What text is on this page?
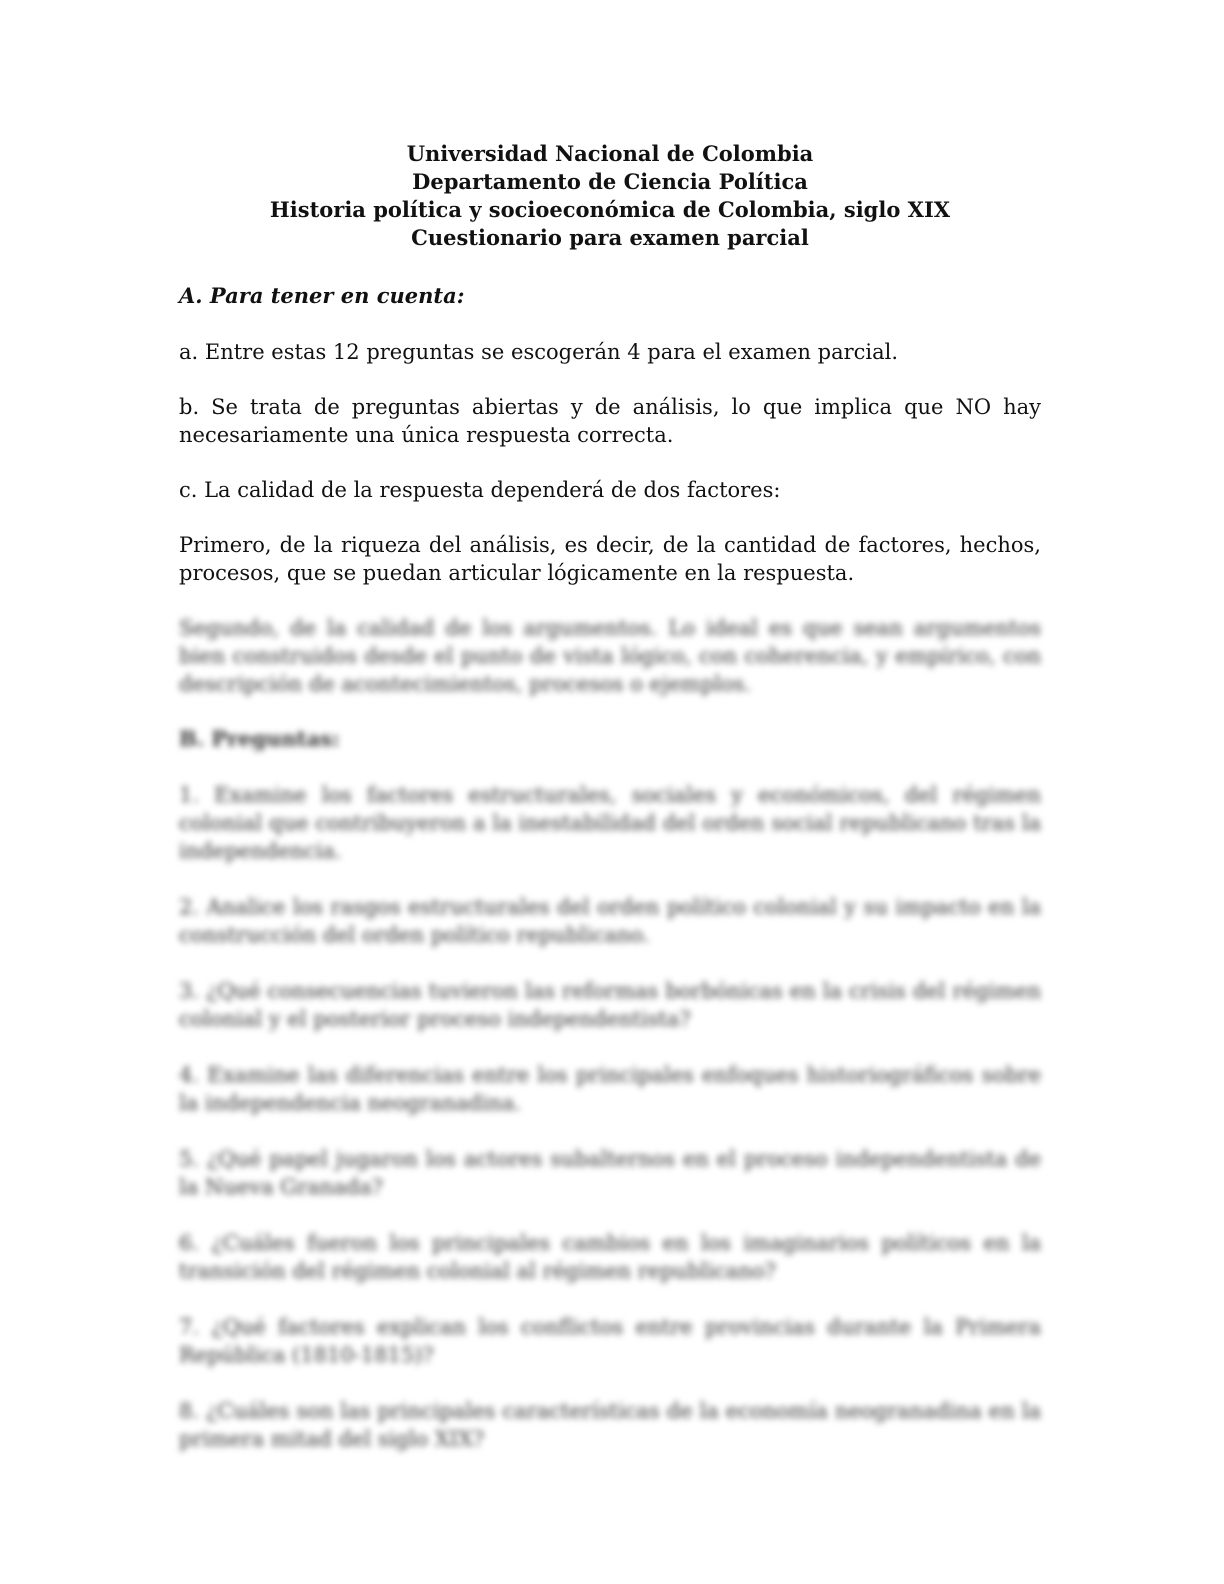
Universidad Nacional de Colombia
Departamento de Ciencia Política
Historia política y socioeconómica de Colombia, siglo XIX
Cuestionario para examen parcial
A. Para tener en cuenta:

a. Entre estas 12 preguntas se escogerán 4 para el examen parcial.

b. Se trata de preguntas abiertas y de análisis, lo que implica que NO hay necesariamente una única respuesta correcta.

c. La calidad de la respuesta dependerá de dos factores:

Primero, de la riqueza del análisis, es decir, de la cantidad de factores, hechos, procesos, que se puedan articular lógicamente en la respuesta.

Segundo, de la calidad de los argumentos. Lo ideal es que sean argumentos bien construidos desde el punto de vista lógico, con coherencia, y empírico, con descripción de acontecimientos, procesos o ejemplos.

B. Preguntas:

1. Examine los factores estructurales, sociales y económicos, del régimen colonial que contribuyeron a la inestabilidad del orden social republicano tras la independencia.

2. Analice los rasgos estructurales del orden político colonial y su impacto en la construcción del orden político republicano.

3. ¿Qué consecuencias tuvieron las reformas borbónicas en la crisis del régimen colonial y el posterior proceso independentista?

4. Examine las diferencias entre los principales enfoques historiográficos sobre la independencia neogranadina.

5. ¿Qué papel jugaron los actores subalternos en el proceso independentista de la Nueva Granada?

6. ¿Cuáles fueron los principales cambios en los imaginarios políticos en la transición del régimen colonial al régimen republicano?

7. ¿Qué factores explican los conflictos entre provincias durante la Primera República (1810-1815)?

8. ¿Cuáles son las principales características de la economía neogranadina en la primera mitad del siglo XIX?
